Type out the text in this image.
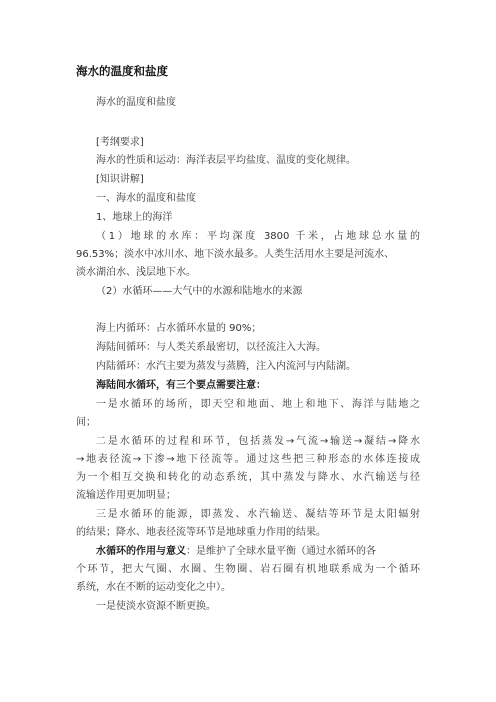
海水的温度和盐度
海水的温度和盐度
[考纲要求]
海水的性质和运动：海洋表层平均盐度、温度的变化规律。
[知识讲解]
一、海水的温度和盐度
1、地球上的海洋
（1）地球的水库：平均深度 3800 千米，占地球总水量的
96.53%；淡水中冰川水、地下淡水最多。人类生活用水主要是河流水、
淡水湖泊水、浅层地下水。
（2）水循环——大气中的水源和陆地水的来源
海上内循环：占水循环水量的 90%；
海陆间循环：与人类关系最密切，以径流注入大海。
内陆循环：水汽主要为蒸发与蒸腾，注入内流河与内陆湖。
海陆间水循环，有三个要点需要注意：
一是水循环的场所，即天空和地面、地上和地下、海洋与陆地之
间；
二是水循环的过程和环节，包括蒸发→气流→输送→凝结→降水
→地表径流→下渗→地下径流等。通过这些把三种形态的水体连接成
为一个相互交换和转化的动态系统，其中蒸发与降水、水汽输送与径
流输送作用更加明显；
三是水循环的能源，即蒸发、水汽输送、凝结等环节是太阳辐射
的结果；降水、地表径流等环节是地球重力作用的结果。
水循环的作用与意义：是维护了全球水量平衡（通过水循环的各
个环节，把大气圈、水圈、生物圈、岩石圈有机地联系成为一个循环
系统，水在不断的运动变化之中）。
一是使淡水资源不断更换。
